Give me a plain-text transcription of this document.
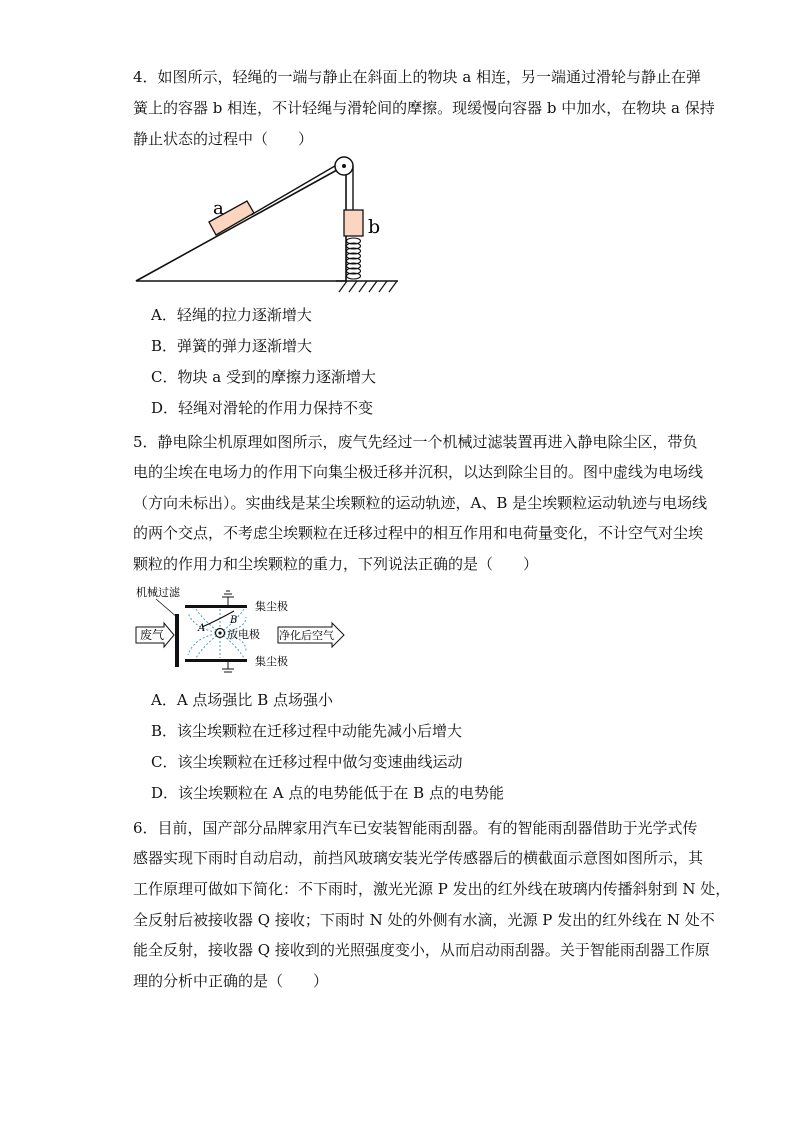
4．如图所示，轻绳的一端与静止在斜面上的物块 a 相连，另一端通过滑轮与静止在弹
簧上的容器 b 相连，不计轻绳与滑轮间的摩擦。现缓慢向容器 b 中加水，在物块 a 保持
静止状态的过程中（　　）
a
b
A．轻绳的拉力逐渐增大
B．弹簧的弹力逐渐增大
C．物块 a 受到的摩擦力逐渐增大
D．轻绳对滑轮的作用力保持不变
5．静电除尘机原理如图所示，废气先经过一个机械过滤装置再进入静电除尘区，带负
电的尘埃在电场力的作用下向集尘极迁移并沉积，以达到除尘目的。图中虚线为电场线
（方向未标出）。实曲线是某尘埃颗粒的运动轨迹，A、B 是尘埃颗粒运动轨迹与电场线
的两个交点，不考虑尘埃颗粒在迁移过程中的相互作用和电荷量变化，不计空气对尘埃
颗粒的作用力和尘埃颗粒的重力，下列说法正确的是（　　）
机械过滤
废气
集尘极
集尘极
A
B
放电极 净化后空气
A．A 点场强比 B 点场强小
B．该尘埃颗粒在迁移过程中动能先减小后增大
C．该尘埃颗粒在迁移过程中做匀变速曲线运动
D．该尘埃颗粒在 A 点的电势能低于在 B 点的电势能
6．目前，国产部分品牌家用汽车已安装智能雨刮器。有的智能雨刮器借助于光学式传
感器实现下雨时自动启动，前挡风玻璃安装光学传感器后的横截面示意图如图所示，其
工作原理可做如下简化：不下雨时，激光光源 P 发出的红外线在玻璃内传播斜射到 N 处，
全反射后被接收器 Q 接收；下雨时 N 处的外侧有水滴，光源 P 发出的红外线在 N 处不
能全反射，接收器 Q 接收到的光照强度变小，从而启动雨刮器。关于智能雨刮器工作原
理的分析中正确的是（　　）
